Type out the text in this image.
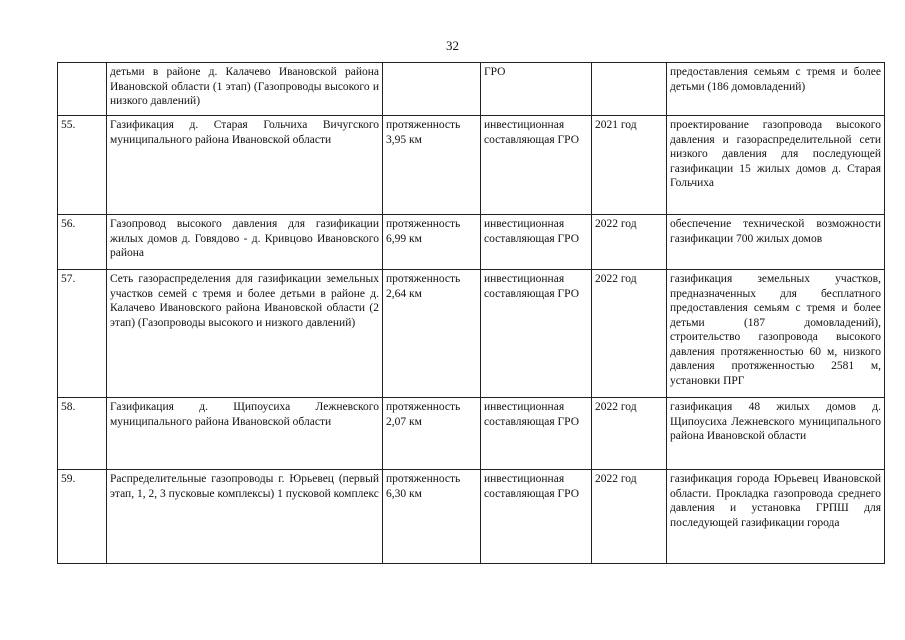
32
	детьми в районе д. Калачево Ивановской района Ивановской области (1 этап) (Газопроводы высокого и низкого давлений)		ГРО		предоставления семьям с тремя и более детьми (186 домовладений)
55.	Газификация д. Старая Гольчиха Вичугского муниципального района Ивановской области	протяженность 3,95 км	инвестиционная составляющая ГРО	2021 год	проектирование газопровода высокого давления и газораспределительной сети низкого давления для последующей газификации 15 жилых домов д. Старая Гольчиха
56.	Газопровод высокого давления для газификации жилых домов д. Говядово - д. Кривцово Ивановского района	протяженность 6,99 км	инвестиционная составляющая ГРО	2022 год	обеспечение технической возможности газификации 700 жилых домов
57.	Сеть газораспределения для газификации земельных участков семей с тремя и более детьми в районе д. Калачево Ивановского района Ивановской области (2 этап) (Газопроводы высокого и низкого давлений)	протяженность 2,64 км	инвестиционная составляющая ГРО	2022 год	газификация земельных участков, предназначенных для бесплатного предоставления семьям с тремя и более детьми (187 домовладений), строительство газопровода высокого давления протяженностью 60 м, низкого давления протяженностью 2581 м, установки ПРГ
58.	Газификация д. Щипоусиха Лежневского муниципального района Ивановской области	протяженность 2,07 км	инвестиционная составляющая ГРО	2022 год	газификация 48 жилых домов д. Щипоусиха Лежневского муниципального района Ивановской области
59.	Распределительные газопроводы г. Юрьевец (первый этап, 1, 2, 3 пусковые комплексы) 1 пусковой комплекс	протяженность 6,30 км	инвестиционная составляющая ГРО	2022 год	газификация города Юрьевец Ивановской области. Прокладка газопровода среднего давления и установка ГРПШ для последующей газификации города
